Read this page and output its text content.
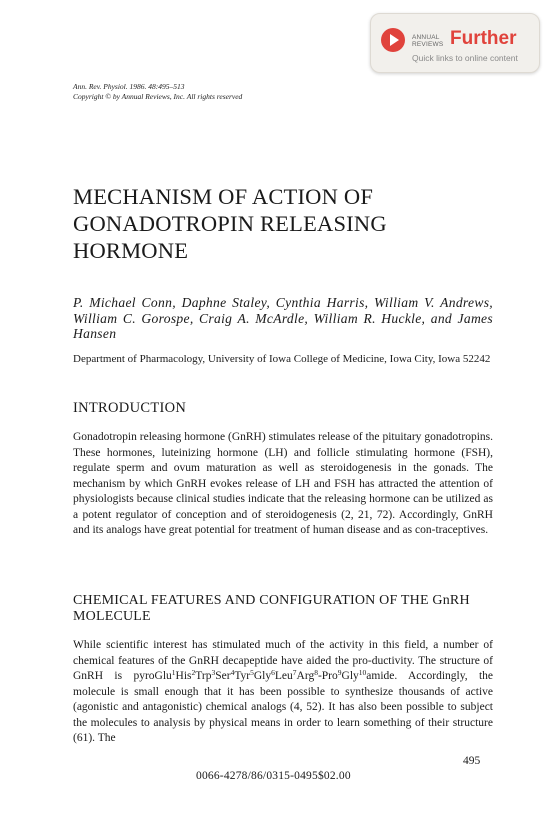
ANNUAL
REVIEWS Further
Quick links to online content
Ann. Rev. Physiol. 1986. 48:495–513
Copyright © by Annual Reviews, Inc. All rights reserved
MECHANISM OF ACTION OF GONADOTROPIN RELEASING HORMONE
P. Michael Conn, Daphne Staley, Cynthia Harris, William V. Andrews, William C. Gorospe, Craig A. McArdle, William R. Huckle, and James Hansen
Department of Pharmacology, University of Iowa College of Medicine, Iowa City, Iowa 52242
INTRODUCTION

Gonadotropin releasing hormone (GnRH) stimulates release of the pituitary gonadotropins. These hormones, luteinizing hormone (LH) and follicle stimulating hormone (FSH), regulate sperm and ovum maturation as well as steroidogenesis in the gonads. The mechanism by which GnRH evokes release of LH and FSH has attracted the attention of physiologists because clinical studies indicate that the releasing hormone can be utilized as a potent regulator of conception and of steroidogenesis (2, 21, 72). Accordingly, GnRH and its analogs have great potential for treatment of human disease and as con-traceptives.

CHEMICAL FEATURES AND CONFIGURATION OF THE GnRH MOLECULE

While scientific interest has stimulated much of the activity in this field, a number of chemical features of the GnRH decapeptide have aided the pro-ductivity. The structure of GnRH is pyroGlu$^1$His$^2$Trp$^3$Ser$^4$Tyr$^5$Gly$^6$Leu$^7$Arg$^8$-Pro$^9$Gly$^{10}$amide. Accordingly, the molecule is small enough that it has been possible to synthesize thousands of active (agonistic and antagonistic) chemical analogs (4, 52). It has also been possible to subject the molecules to analysis by physical means in order to learn something of their structure (61). The

495
0066-4278/86/0315-0495$02.00
